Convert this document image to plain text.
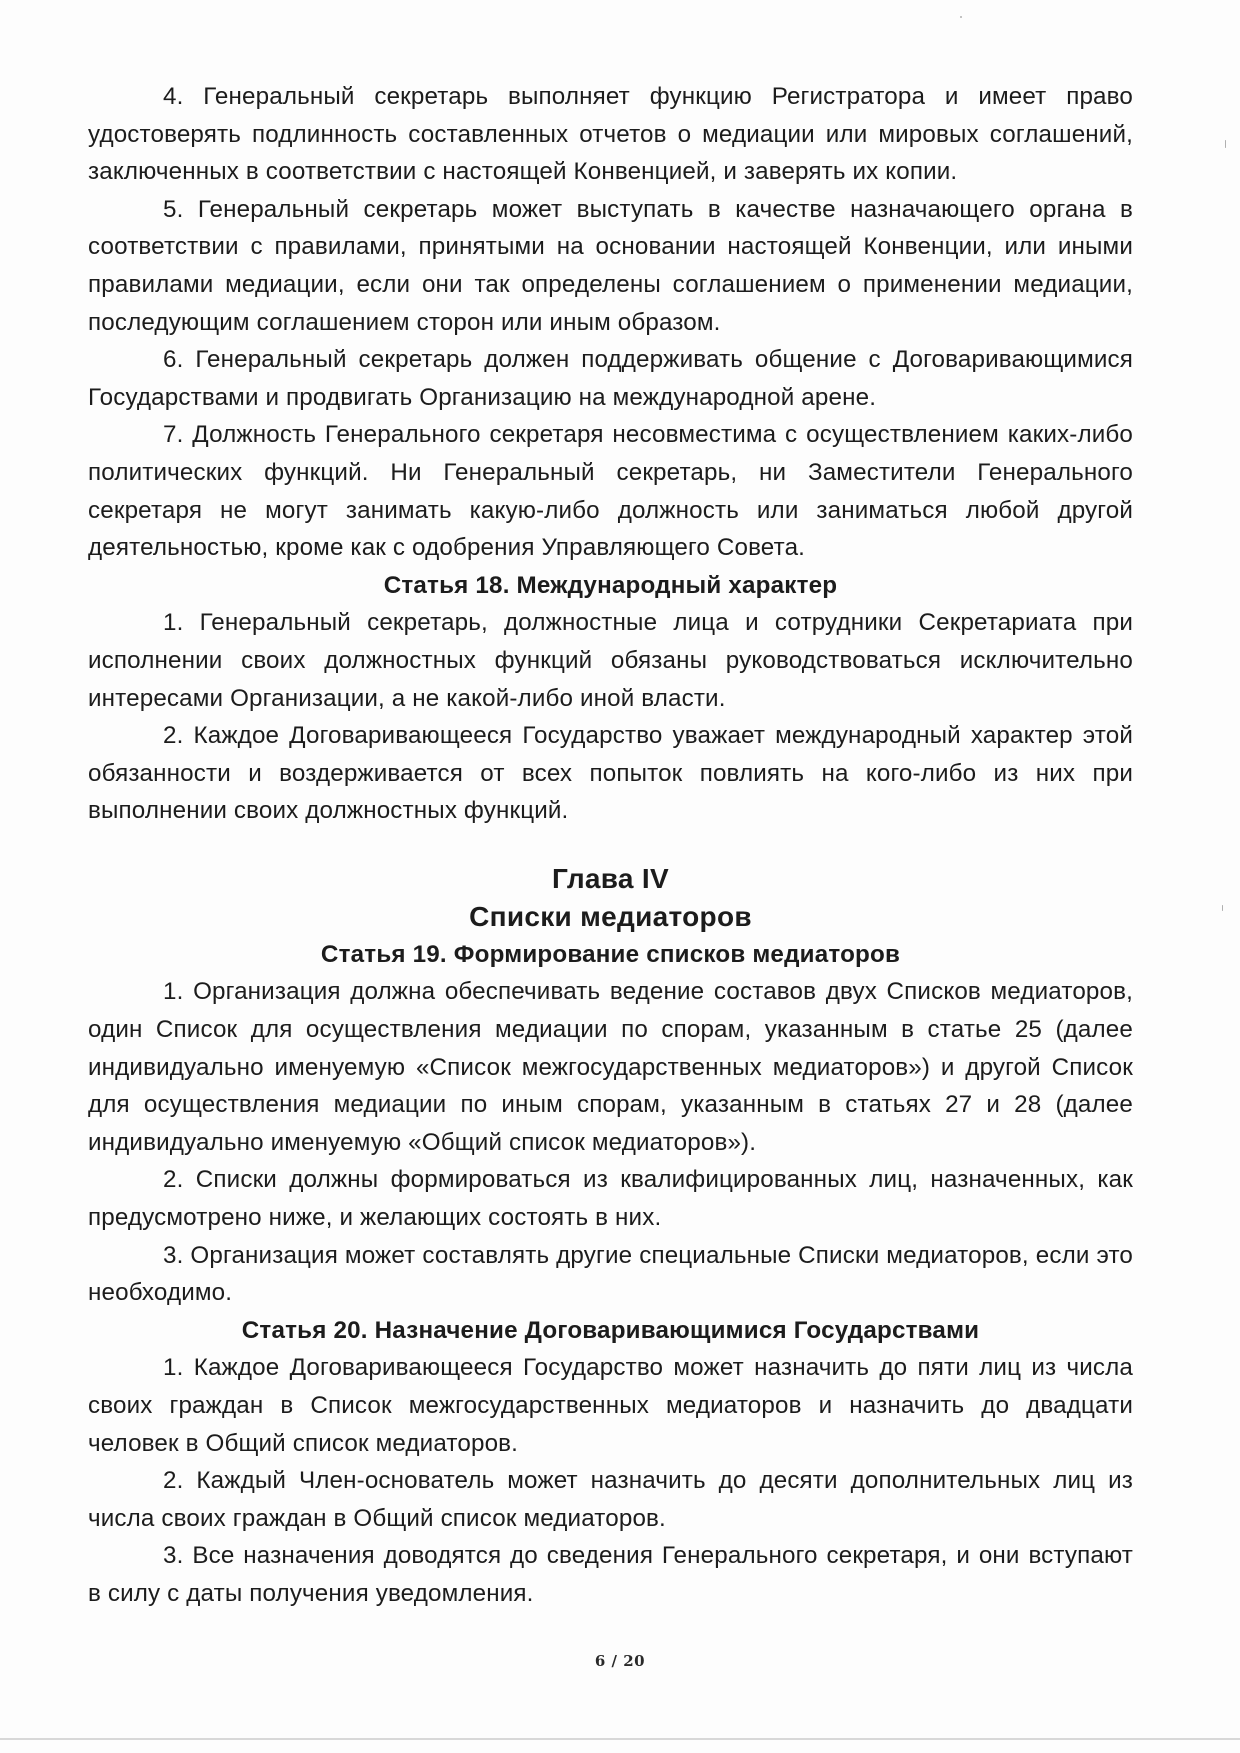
4. Генеральный секретарь выполняет функцию Регистратора и имеет право удостоверять подлинность составленных отчетов о медиации или мировых соглашений, заключенных в соответствии с настоящей Конвенцией, и заверять их копии.

5. Генеральный секретарь может выступать в качестве назначающего органа в соответствии с правилами, принятыми на основании настоящей Конвенции, или иными правилами медиации, если они так определены соглашением о применении медиации, последующим соглашением сторон или иным образом.

6. Генеральный секретарь должен поддерживать общение с Договаривающимися Государствами и продвигать Организацию на международной арене.

7. Должность Генерального секретаря несовместима с осуществлением каких-либо политических функций. Ни Генеральный секретарь, ни Заместители Генерального секретаря не могут занимать какую-либо должность или заниматься любой другой деятельностью, кроме как с одобрения Управляющего Совета.

Статья 18. Международный характер

1. Генеральный секретарь, должностные лица и сотрудники Секретариата при исполнении своих должностных функций обязаны руководствоваться исключительно интересами Организации, а не какой-либо иной власти.

2. Каждое Договаривающееся Государство уважает международный характер этой обязанности и воздерживается от всех попыток повлиять на кого-либо из них при выполнении своих должностных функций.

Глава IV

Списки медиаторов

Статья 19. Формирование списков медиаторов

1. Организация должна обеспечивать ведение составов двух Списков медиаторов, один Список для осуществления медиации по спорам, указанным в статье 25 (далее индивидуально именуемую «Список межгосударственных медиаторов») и другой Список для осуществления медиации по иным спорам, указанным в статьях 27 и 28 (далее индивидуально именуемую «Общий список медиаторов»).

2. Списки должны формироваться из квалифицированных лиц, назначенных, как предусмотрено ниже, и желающих состоять в них.

3. Организация может составлять другие специальные Списки медиаторов, если это необходимо.

Статья 20. Назначение Договаривающимися Государствами

1. Каждое Договаривающееся Государство может назначить до пяти лиц из числа своих граждан в Список межгосударственных медиаторов и назначить до двадцати человек в Общий список медиаторов.

2. Каждый Член-основатель может назначить до десяти дополнительных лиц из числа своих граждан в Общий список медиаторов.

3. Все назначения доводятся до сведения Генерального секретаря, и они вступают в силу с даты получения уведомления.

6 / 20
